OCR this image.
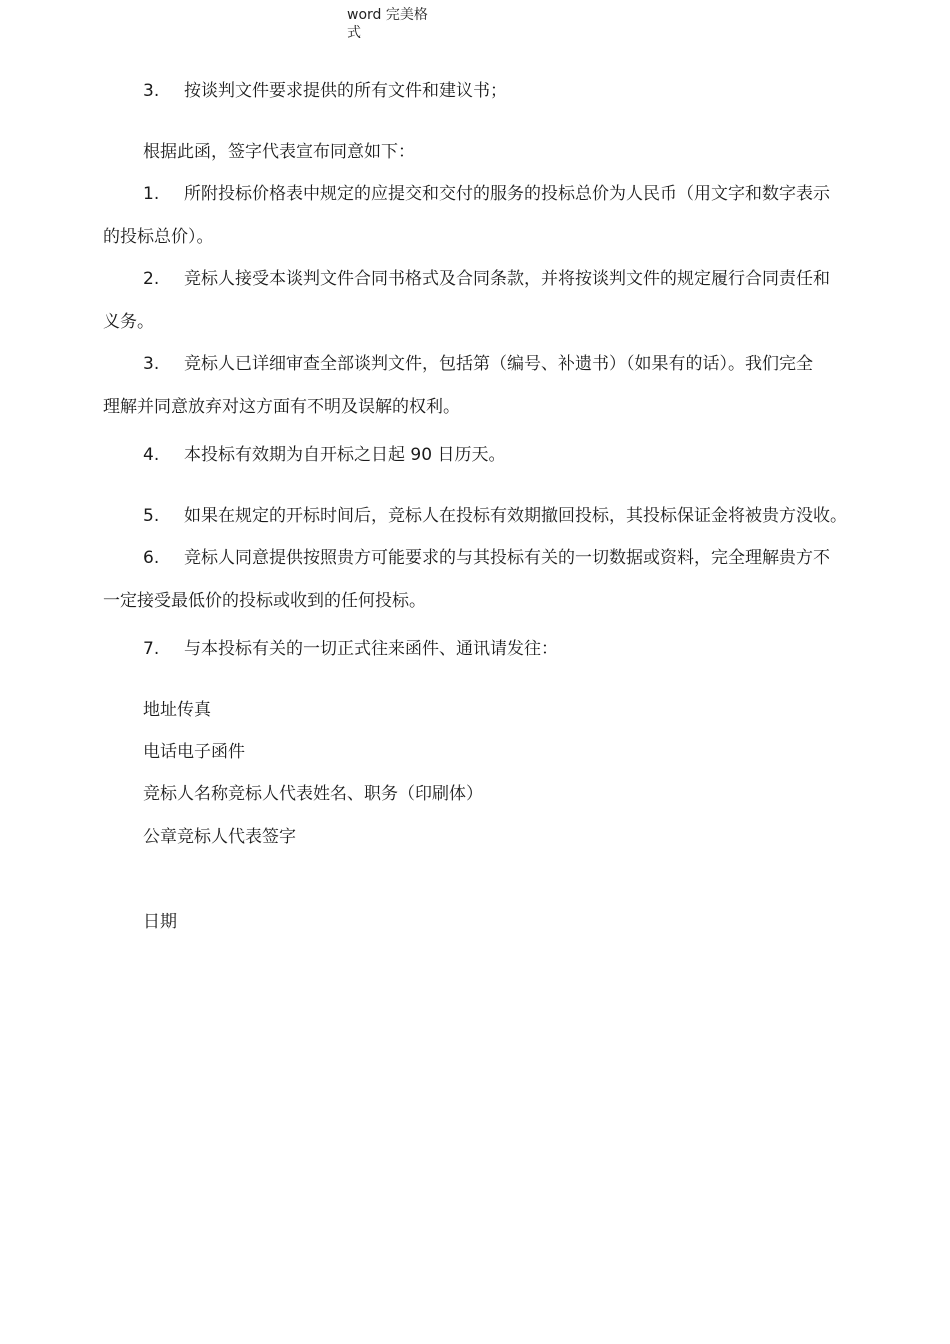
word 完美格式
3. 按谈判文件要求提供的所有文件和建议书；
根据此函，签字代表宣布同意如下：
1. 所附投标价格表中规定的应提交和交付的服务的投标总价为人民币（用文字和数字表示
的投标总价）。
2. 竞标人接受本谈判文件合同书格式及合同条款，并将按谈判文件的规定履行合同责任和
义务。
3. 竞标人已详细审查全部谈判文件，包括第（编号、补遗书）（如果有的话）。我们完全
理解并同意放弃对这方面有不明及误解的权利。
4. 本投标有效期为自开标之日起 90 日历天。
5. 如果在规定的开标时间后，竞标人在投标有效期撤回投标，其投标保证金将被贵方没收。
6. 竞标人同意提供按照贵方可能要求的与其投标有关的一切数据或资料，完全理解贵方不
一定接受最低价的投标或收到的任何投标。
7. 与本投标有关的一切正式往来函件、通讯请发往：
地址传真
电话电子函件
竞标人名称竞标人代表姓名、职务（印刷体）
公章竞标人代表签字
日期
